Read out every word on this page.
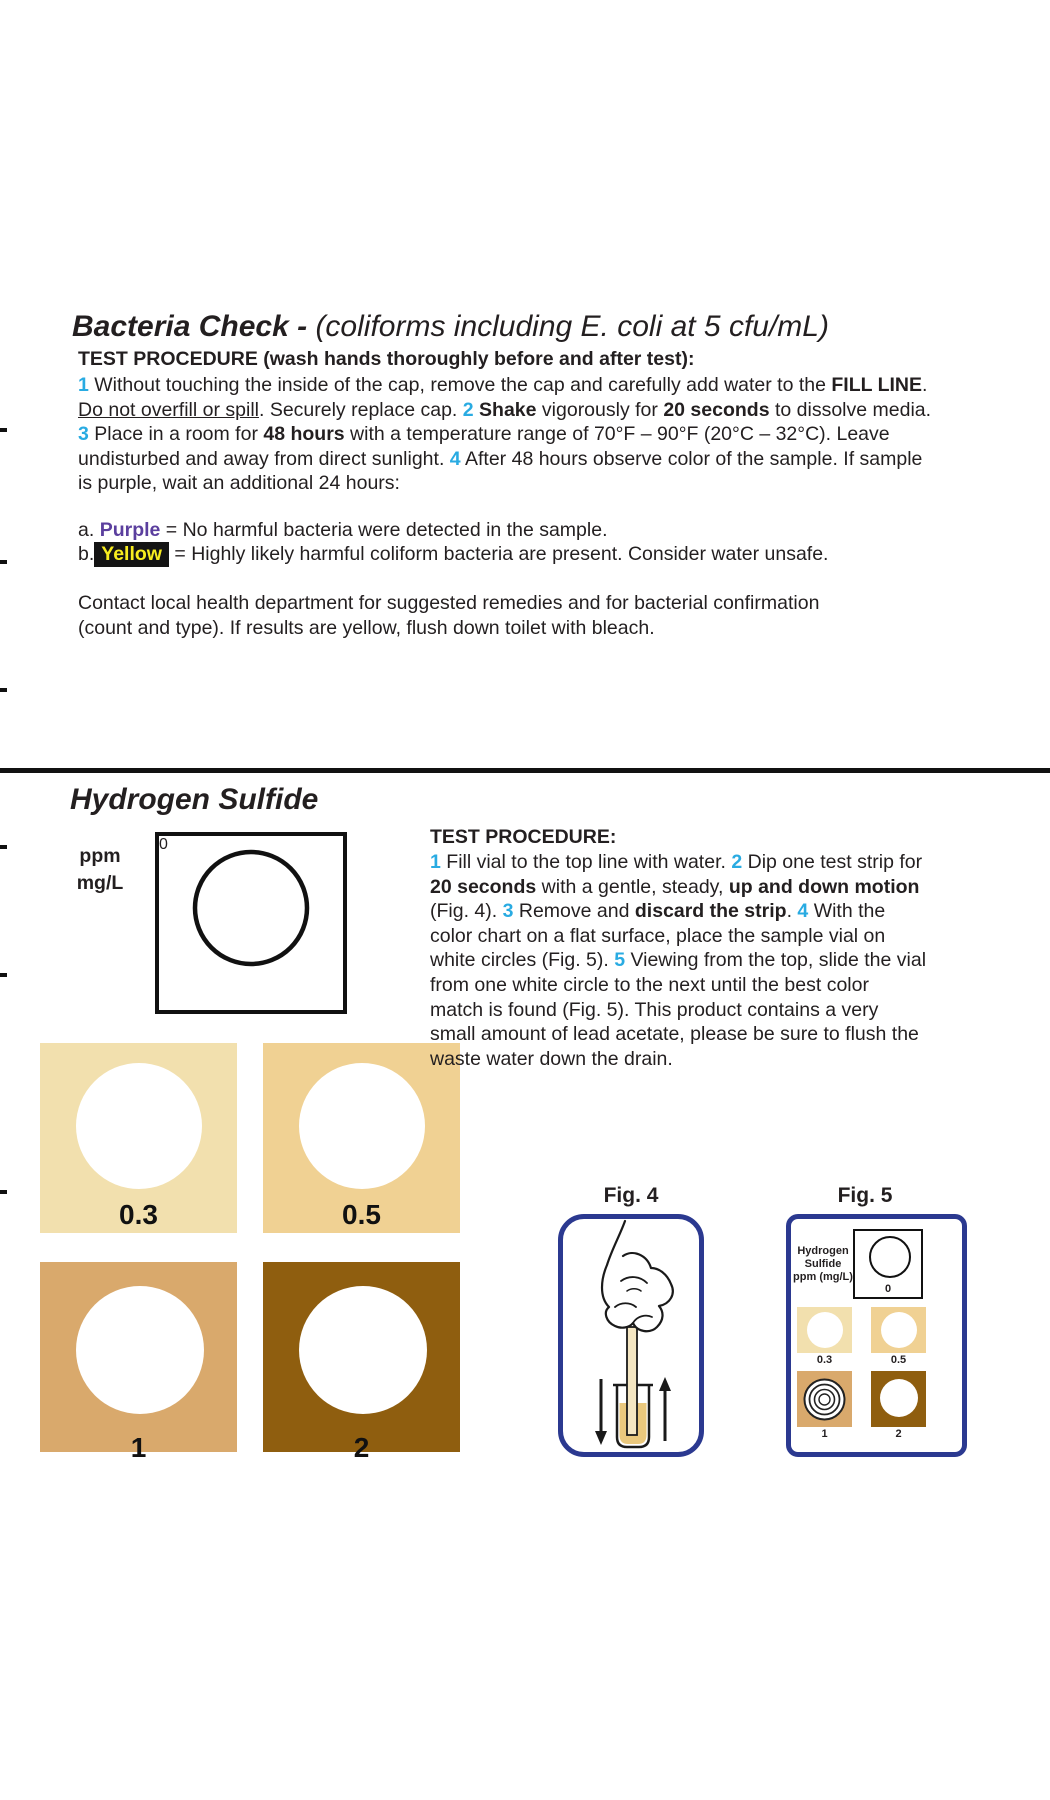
Bacteria Check - (coliforms including E. coli at 5 cfu/mL)
TEST PROCEDURE (wash hands thoroughly before and after test):
1 Without touching the inside of the cap, remove the cap and carefully add water to the FILL LINE. Do not overfill or spill. Securely replace cap. 2 Shake vigorously for 20 seconds to dissolve media. 3 Place in a room for 48 hours with a temperature range of 70°F – 90°F (20°C – 32°C). Leave undisturbed and away from direct sunlight. 4 After 48 hours observe color of the sample. If sample is purple, wait an additional 24 hours:
a. Purple = No harmful bacteria were detected in the sample.
b. Yellow = Highly likely harmful coliform bacteria are present. Consider water unsafe.
Contact local health department for suggested remedies and for bacterial confirmation (count and type). If results are yellow, flush down toilet with bleach.
Hydrogen Sulfide
ppm
mg/L
0
0.3	0.5
1	2
TEST PROCEDURE:
1 Fill vial to the top line with water. 2 Dip one test strip for 20 seconds with a gentle, steady, up and down motion (Fig. 4). 3 Remove and discard the strip. 4 With the color chart on a flat surface, place the sample vial on white circles (Fig. 5). 5 Viewing from the top, slide the vial from one white circle to the next until the best color match is found (Fig. 5). This product contains a very small amount of lead acetate, please be sure to flush the waste water down the drain.
Fig. 4	Fig. 5
Hydrogen
Sulfide
ppm (mg/L)
0
0.3	0.5
1	2
